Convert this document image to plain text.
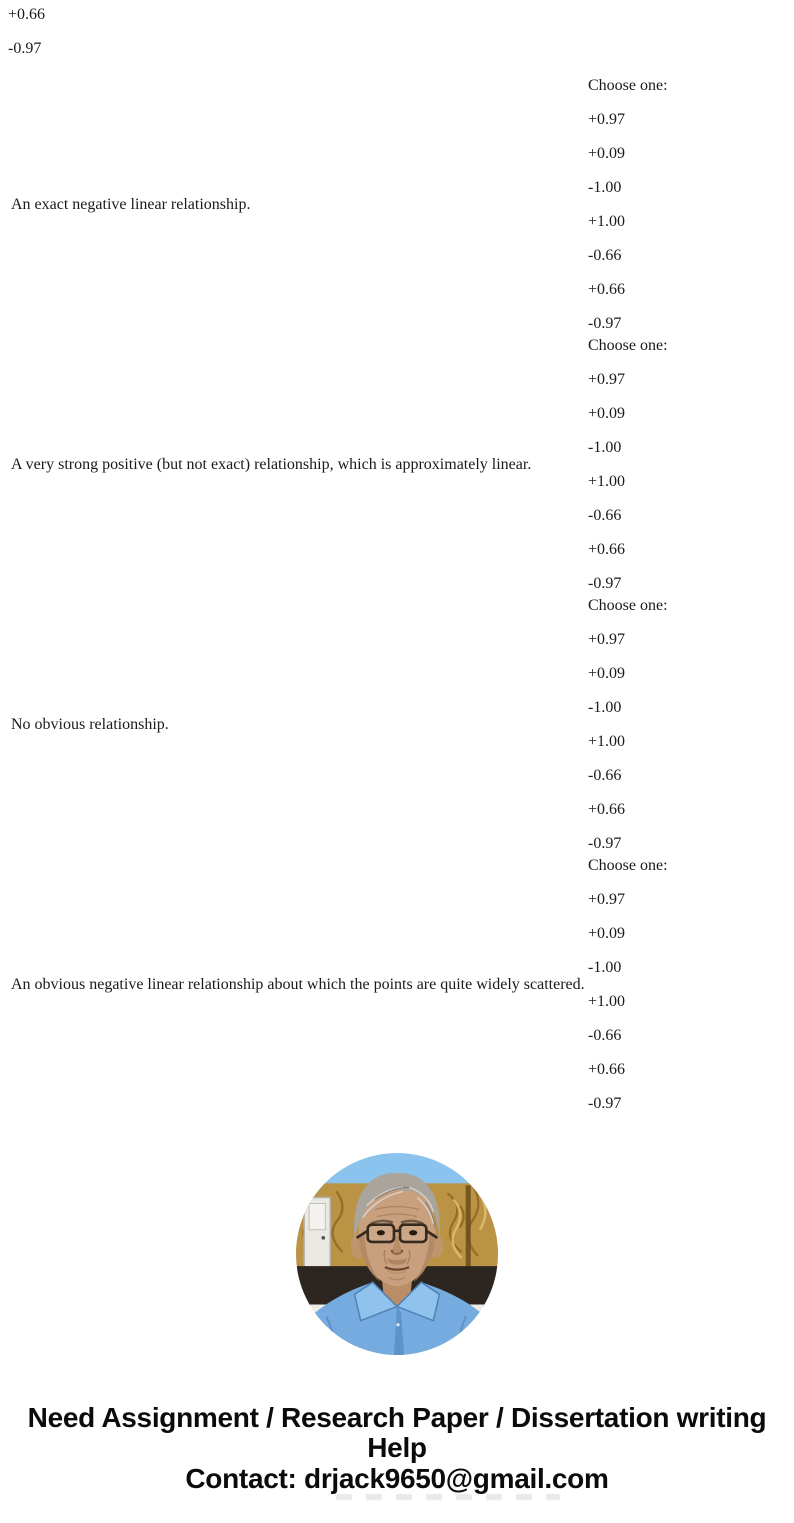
+0.66
-0.97
An exact negative linear relationship.
Choose one:
+0.97
+0.09
-1.00
+1.00
-0.66
+0.66
-0.97
A very strong positive (but not exact) relationship, which is approximately linear.
Choose one:
+0.97
+0.09
-1.00
+1.00
-0.66
+0.66
-0.97
No obvious relationship.
Choose one:
+0.97
+0.09
-1.00
+1.00
-0.66
+0.66
-0.97
An obvious negative linear relationship about which the points are quite widely scattered.
Choose one:
+0.97
+0.09
-1.00
+1.00
-0.66
+0.66
-0.97
Need Assignment / Research Paper / Dissertation writing Help
Contact: drjack9650@gmail.com
